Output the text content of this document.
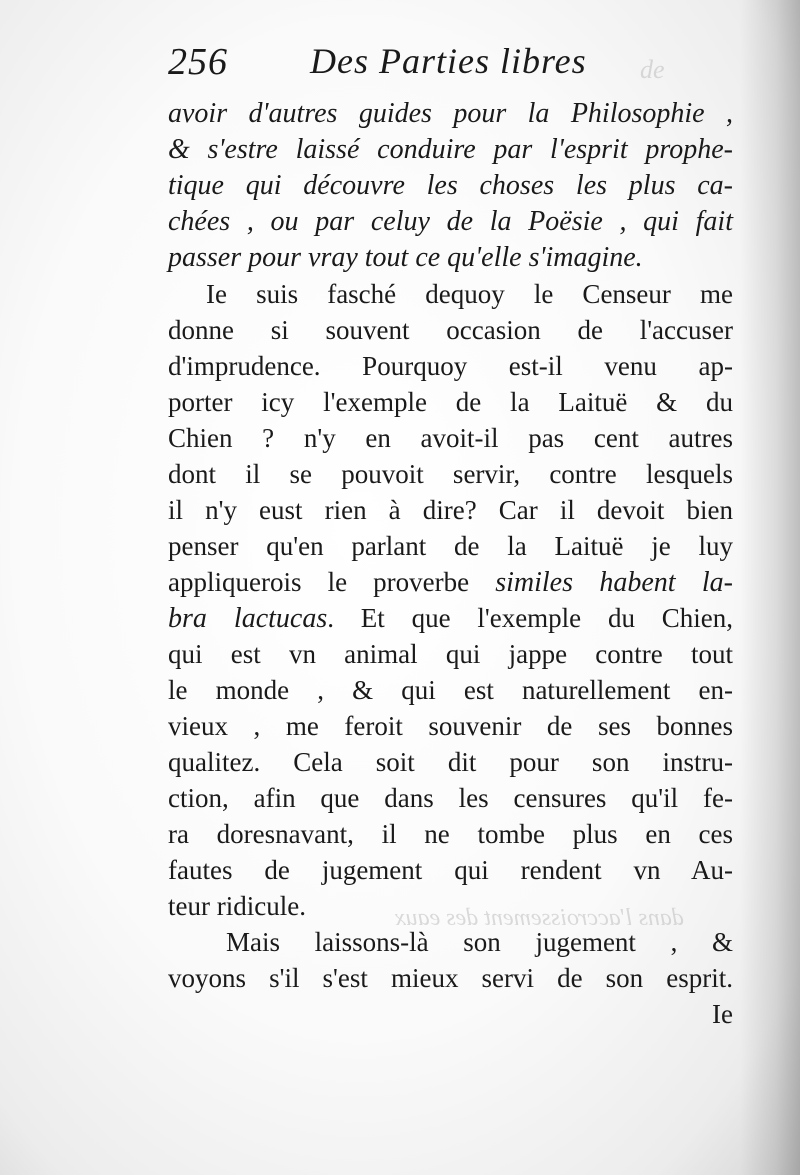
de
dans l'accroissement des eaux
256 Des Parties libres
avoir d'autres guides pour la Philosophie ,
& s'estre laissé conduire par l'esprit prophe-
tique qui découvre les choses les plus ca-
chées , ou par celuy de la Poësie , qui fait
passer pour vray tout ce qu'elle s'imagine.
Ie suis fasché dequoy le Censeur me
donne si souvent occasion de l'accuser
d'imprudence. Pourquoy est-il venu ap-
porter icy l'exemple de la Laituë & du
Chien ? n'y en avoit-il pas cent autres
dont il se pouvoit servir, contre lesquels
il n'y eust rien à dire? Car il devoit bien
penser qu'en parlant de la Laituë je luy
appliquerois le proverbe similes habent la-
bra lactucas. Et que l'exemple du Chien,
qui est vn animal qui jappe contre tout
le monde , & qui est naturellement en-
vieux , me feroit souvenir de ses bonnes
qualitez. Cela soit dit pour son instru-
ction, afin que dans les censures qu'il fe-
ra doresnavant, il ne tombe plus en ces
fautes de jugement qui rendent vn Au-
teur ridicule.
Mais laissons-là son jugement , &
voyons s'il s'est mieux servi de son esprit.
Ie
